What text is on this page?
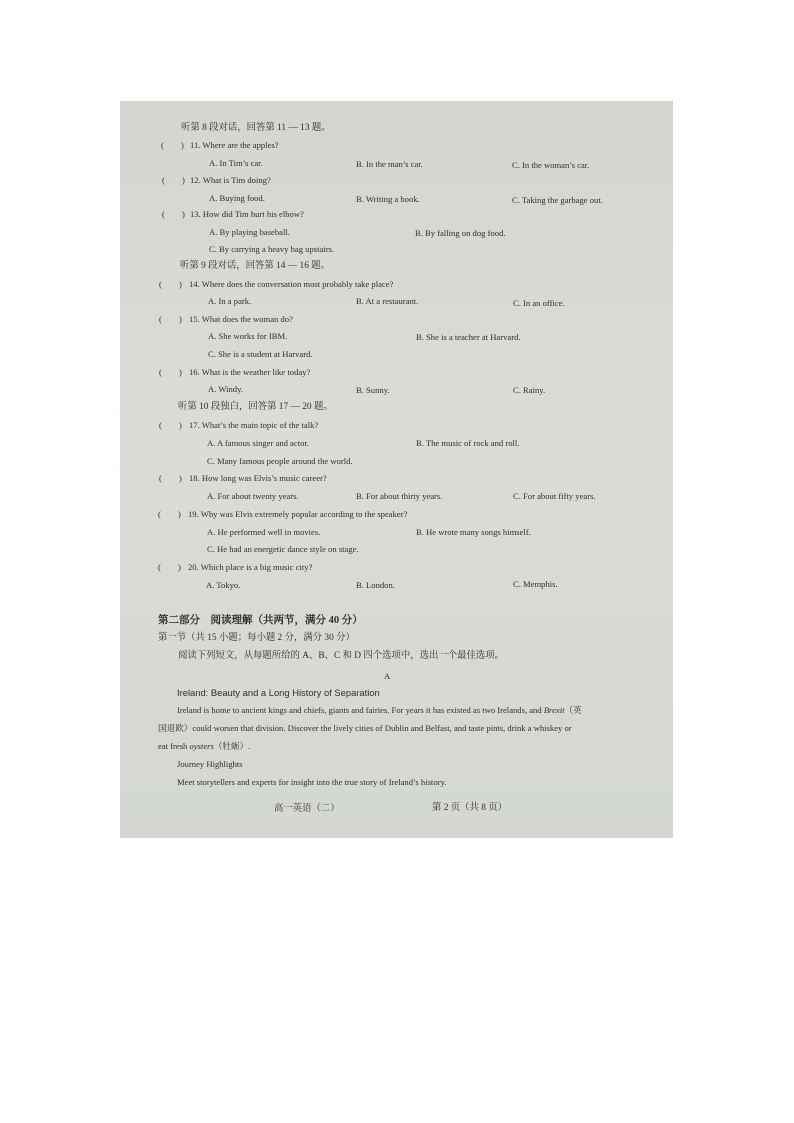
听第 8 段对话，回答第 11 — 13 题。
(　　) 11. Where are the apples?
A. In Tim’s car.	B. In the man’s car.	C. In the woman’s car.
(　　) 12. What is Tim doing?
A. Buying food.	B. Writing a book.	C. Taking the garbage out.
(　　) 13. How did Tim hurt his elbow?
A. By playing baseball.	B. By falling on dog food.
C. By carrying a heavy bag upstairs.
听第 9 段对话，回答第 14 — 16 题。
(　　) 14. Where does the conversation most probably take place?
A. In a park.	B. At a restaurant.	C. In an office.
(　　) 15. What does the woman do?
A. She works for IBM.	B. She is a teacher at Harvard.
C. She is a student at Harvard.
(　　) 16. What is the weather like today?
A. Windy.	B. Sunny.	C. Rainy.
听第 10 段独白，回答第 17 — 20 题。
(　　) 17. What’s the main topic of the talk?
A. A famous singer and actor.	B. The music of rock and roll.
C. Many famous people around the world.
(　　) 18. How long was Elvis’s music career?
A. For about twenty years.	B. For about thirty years.	C. For about fifty years.
(　　) 19. Why was Elvis extremely popular according to the speaker?
A. He performed well in movies.	B. He wrote many songs himself.
C. He had an energetic dance style on stage.
(　　) 20. Which place is a big music city?
A. Tokyo.	B. London.	C. Memphis.
第二部分　阅读理解（共两节，满分 40 分）
第一节（共 15 小题；每小题 2 分，满分 30 分）
阅读下列短文，从每题所给的 A、B、C 和 D 四个选项中，选出一个最佳选项。
A
Ireland: Beauty and a Long History of Separation
Ireland is home to ancient kings and chiefs, giants and fairies. For years it has existed as two Irelands, and Brexit（英
国退欧）could worsen that division. Discover the lively cities of Dublin and Belfast, and taste pints, drink a whiskey or
eat fresh oysters（牡蛎）.
Journey Highlights
Meet storytellers and experts for insight into the true story of Ireland’s history.
高一英语（二）	第 2 页（共 8 页）
